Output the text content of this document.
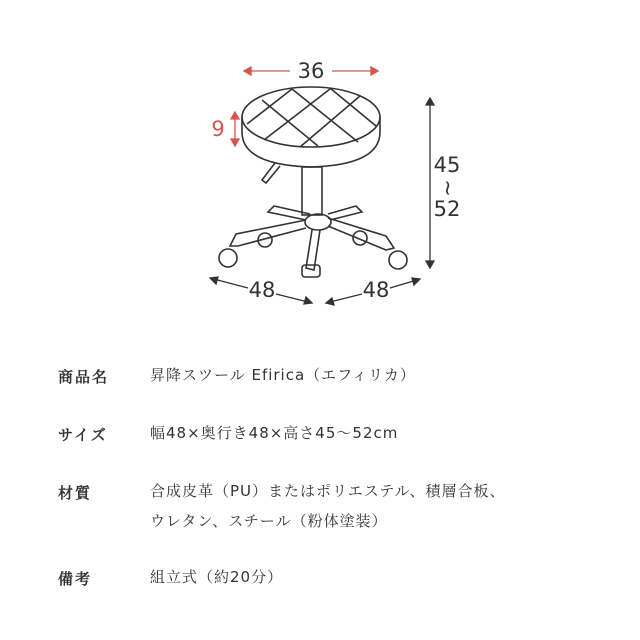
36
9
45
~
52
48	48
商品名	昇降スツール Efirica（エフィリカ）
サイズ	幅48×奥行き48×高さ45〜52cm
材質	合成皮革（PU）またはポリエステル、積層合板、
ウレタン、スチール（粉体塗装）
備考	組立式（約20分）
